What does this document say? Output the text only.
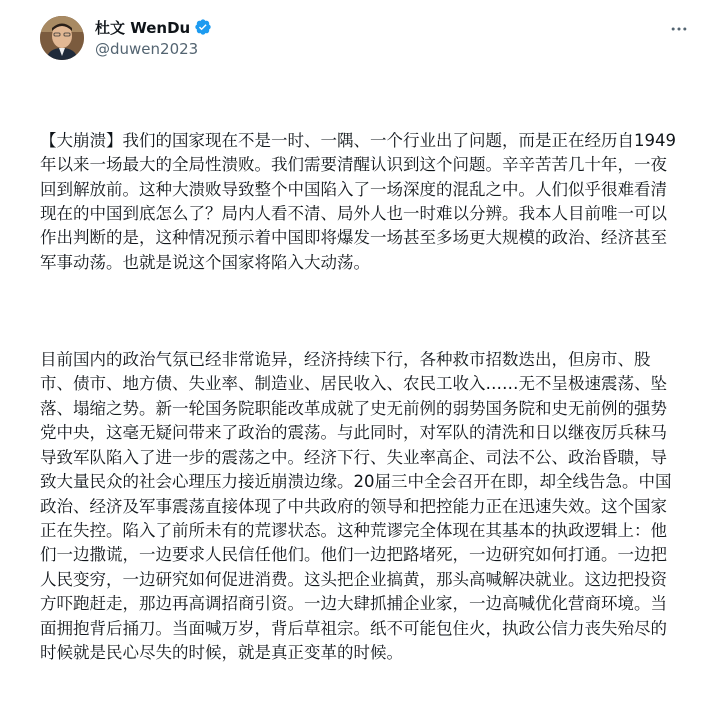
杜文 WenDu
@duwen2023

【大崩溃】我们的国家现在不是一时、一隅、一个行业出了问题，而是正在经历自1949年以来一场最大的全局性溃败。我们需要清醒认识到这个问题。辛辛苦苦几十年，一夜回到解放前。这种大溃败导致整个中国陷入了一场深度的混乱之中。人们似乎很难看清现在的中国到底怎么了？局内人看不清、局外人也一时难以分辨。我本人目前唯一可以作出判断的是，这种情况预示着中国即将爆发一场甚至多场更大规模的政治、经济甚至军事动荡。也就是说这个国家将陷入大动荡。

目前国内的政治气氛已经非常诡异，经济持续下行，各种救市招数迭出，但房市、股市、债市、地方债、失业率、制造业、居民收入、农民工收入……无不呈极速震荡、坠落、塌缩之势。新一轮国务院职能改革成就了史无前例的弱势国务院和史无前例的强势党中央，这毫无疑问带来了政治的震荡。与此同时，对军队的清洗和日以继夜厉兵秣马导致军队陷入了进一步的震荡之中。经济下行、失业率高企、司法不公、政治昏聩，导致大量民众的社会心理压力接近崩溃边缘。20届三中全会召开在即，却全线告急。中国政治、经济及军事震荡直接体现了中共政府的领导和把控能力正在迅速失效。这个国家正在失控。陷入了前所未有的荒谬状态。这种荒谬完全体现在其基本的执政逻辑上：他们一边撒谎，一边要求人民信任他们。他们一边把路堵死，一边研究如何打通。一边把人民变穷，一边研究如何促进消费。这头把企业搞黄，那头高喊解决就业。这边把投资方吓跑赶走，那边再高调招商引资。一边大肆抓捕企业家，一边高喊优化营商环境。当面拥抱背后捅刀。当面喊万岁，背后草祖宗。纸不可能包住火，执政公信力丧失殆尽的时候就是民心尽失的时候，就是真正变革的时候。
